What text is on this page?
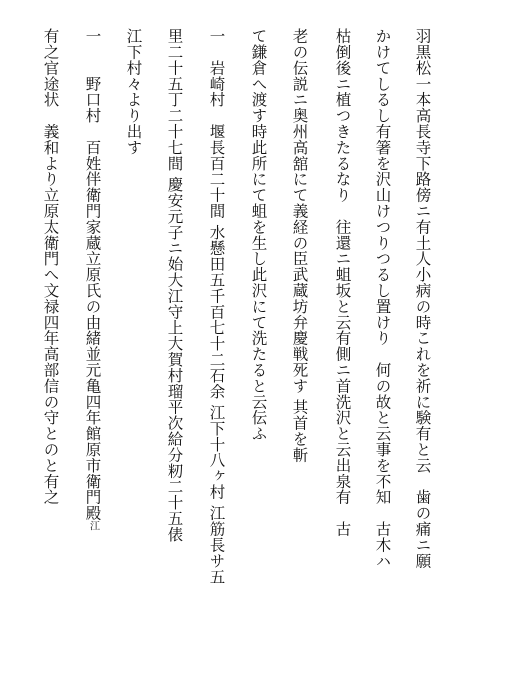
羽黒松一本高長寺下路傍ニ有土人小病の時これを祈に験有と云　歯の痛ニ願
かけてしるし有箸を沢山けつりつるし置けり　何の故と云事を不知　古木ハ
枯倒後ニ植つきたるなり　往還ニ蛆坂と云有側ニ首洗沢と云出泉有　古
老の伝説ニ奥州高舘にて義経の臣武蔵坊弁慶戦死す 其首を斬
て鎌倉へ渡す時此所にて蛆を生し此沢にて洗たると云伝ふ
一　岩崎村　堰長百二十間 水懸田五千百七十二石余 江下十八ヶ村 江筋長サ五
里二十五丁二十七間 慶安元子ニ始大江守上大賀村瑠平次給分籾二十五俵
江下村々より出す
一　　野口村　百姓伴衛門家蔵立原氏の由緒並元亀四年館原市衛門殿江
有之官途状　義和より立原太衛門へ文禄四年高部信の守とのと有之
